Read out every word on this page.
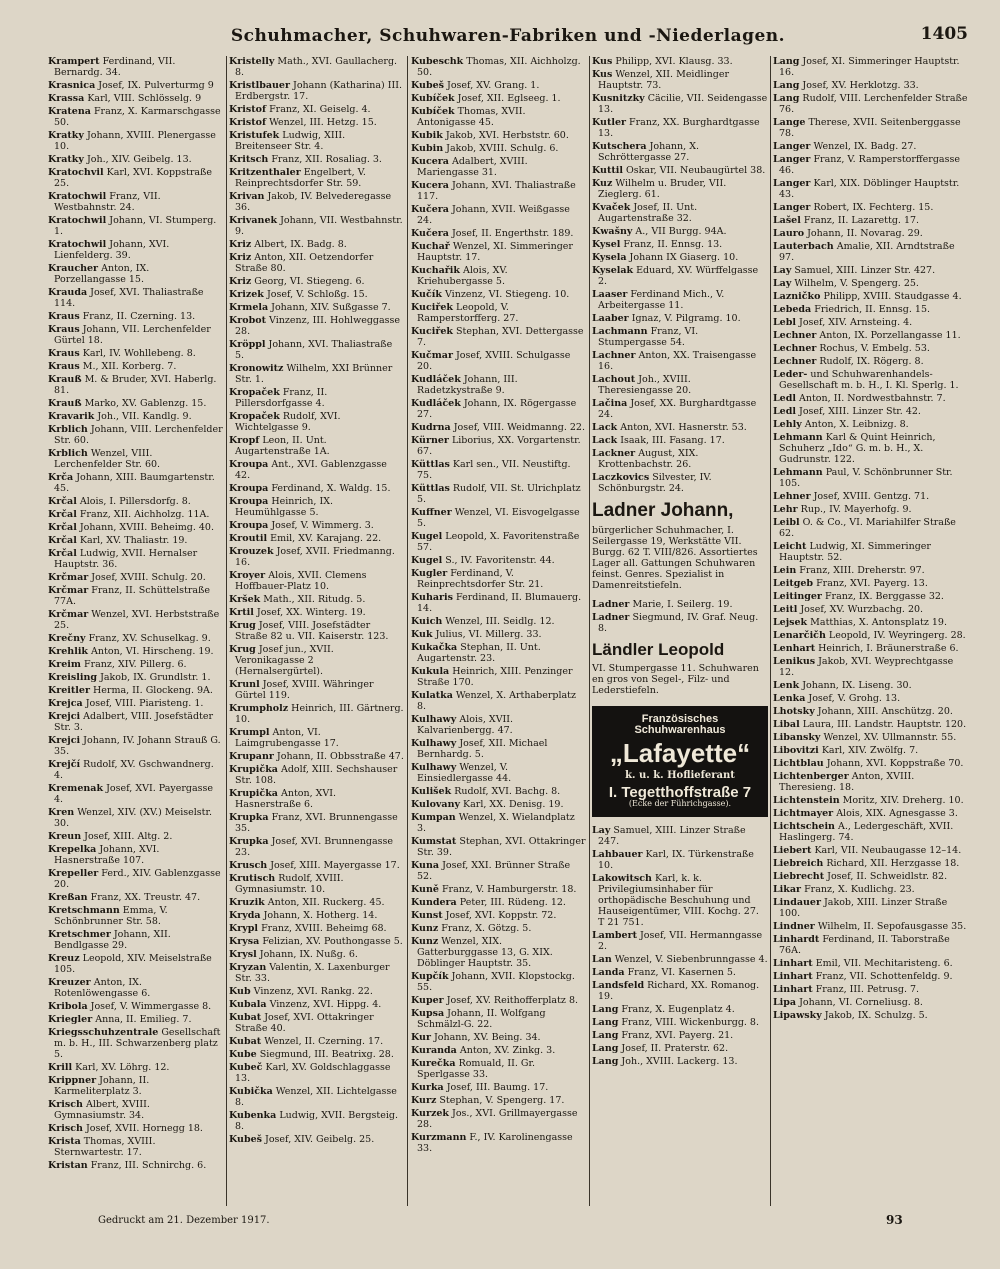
Schuhmacher, Schuhwaren-Fabriken und -Niederlagen.	1405
Krampert Ferdinand, VII. Bernardg. 34.
Krasnica Josef, IX. Pulverturmg 9
Krassa Karl, VIII. Schlösselg. 9
Kratena Franz, X. Karmarschgasse 50.
Kratky Johann, XVIII. Plenergasse 10.
Kratky Joh., XIV. Geibelg. 13.
Kratochvil Karl, XVI. Koppstraße 25.
Kratochwil Franz, VII. Westbahnstr. 24.
Kratochwil Johann, VI. Stumperg. 1.
Kratochwil Johann, XVI. Lienfelderg. 39.
Kraucher Anton, IX. Porzellangasse 15.
Krauda Josef, XVI. Thaliastraße 114.
Kraus Franz, II. Czerning. 13.
Kraus Johann, VII. Lerchenfelder Gürtel 18.
Kraus Karl, IV. Wohllebeng. 8.
Kraus M., XII. Korberg. 7.
Krauß M. & Bruder, XVI. Haberlg. 81.
Krauß Marko, XV. Gablenzg. 15.
Kravarik Joh., VII. Kandlg. 9.
Krblich Johann, VIII. Lerchenfelder Str. 60.
Krblich Wenzel, VIII. Lerchenfelder Str. 60.
Krča Johann, XIII. Baumgartenstr. 45.
Krčal Alois, I. Pillersdorfg. 8.
Krčal Franz, XII. Aichholzg. 11A.
Krčal Johann, XVIII. Beheimg. 40.
Krčal Karl, XV. Thaliastr. 19.
Krčal Ludwig, XVII. Hernalser Hauptstr. 36.
Krčmar Josef, XVIII. Schulg. 20.
Krčmar Franz, II. Schüttelstraße 77A.
Krčmar Wenzel, XVI. Herbststraße 25.
Krečny Franz, XV. Schuselkag. 9.
Krehlik Anton, VI. Hirscheng. 19.
Kreim Franz, XIV. Pillerg. 6.
Kreisling Jakob, IX. Grundlstr. 1.
Kreitler Herma, II. Glockeng. 9A.
Krejca Josef, VIII. Piaristeng. 1.
Krejci Adalbert, VIII. Josefstädter Str. 3.
Krejci Johann, IV. Johann Strauß G. 35.
Krejčí Rudolf, XV. Gschwandnerg. 4.
Kremenak Josef, XVI. Payergasse 4.
Kren Wenzel, XIV. (XV.) Meiselstr. 30.
Kreun Josef, XIII. Altg. 2.
Krepelka Johann, XVI. Hasnerstraße 107.
Krepeller Ferd., XIV. Gablenzgasse 20.
Kreßan Franz, XX. Treustr. 47.
Kretschmann Emma, V. Schönbrunner Str. 58.
Kretschmer Johann, XII. Bendlgasse 29.
Kreuz Leopold, XIV. Meiselstraße 105.
Kreuzer Anton, IX. Rotenlöwengasse 6.
Kribola Josef, V. Wimmergasse 8.
Kriegler Anna, II. Emilieg. 7.
Kriegsschuhzentrale Gesellschaft m. b. H., III. Schwarzenberg platz 5.
Krill Karl, XV. Löhrg. 12.
Krippner Johann, II. Karmeliterplatz 3.
Krisch Albert, XVIII. Gymnasiumstr. 34.
Krisch Josef, XVII. Hornegg 18.
Krista Thomas, XVIII. Sternwartestr. 17.
Kristan Franz, III. Schnirchg. 6.
Kristelly Math., XVI. Gaullacherg. 8.
Kristlbauer Johann (Katharina) III. Erdbergstr. 17.
Kristof Franz, XI. Geiselg. 4.
Kristof Wenzel, III. Hetzg. 15.
Kristufek Ludwig, XIII. Breitenseer Str. 4.
Kritsch Franz, XII. Rosaliag. 3.
Kritzenthaler Engelbert, V. Reinprechtsdorfer Str. 59.
Krivan Jakob, IV. Belvederegasse 36.
Krivanek Johann, VII. Westbahnstr. 9.
Kriz Albert, IX. Badg. 8.
Kriz Anton, XII. Oetzendorfer Straße 80.
Kriz Georg, VI. Stiegeng. 6.
Krizek Josef, V. Schloßg. 15.
Krmela Johann, XIV. Sußgasse 7.
Krobot Vinzenz, III. Hohlweggasse 28.
Kröppl Johann, XVI. Thaliastraße 5.
Kronowitz Wilhelm, XXI Brünner Str. 1.
Kropaček Franz, II. Pillersdorfgasse 4.
Kropaček Rudolf, XVI. Wichtelgasse 9.
Kropf Leon, II. Unt. Augartenstraße 1A.
Kroupa Ant., XVI. Gablenzgasse 42.
Kroupa Ferdinand, X. Waldg. 15.
Kroupa Heinrich, IX. Heumühlgasse 5.
Kroupa Josef, V. Wimmerg. 3.
Kroutil Emil, XV. Karajang. 22.
Krouzek Josef, XVII. Friedmanng. 16.
Kroyer Alois, XVII. Clemens Hoffbauer-Platz 10.
Kršek Math., XII. Ritudg. 5.
Krtil Josef, XX. Winterg. 19.
Krug Josef, VIII. Josefstädter Straße 82 u. VII. Kaiserstr. 123.
Krug Josef jun., XVII. Veronikagasse 2 (Hernalsergürtel).
Krunl Josef, XVIII. Währinger Gürtel 119.
Krumpholz Heinrich, III. Gärtnerg. 10.
Krumpl Anton, VI. Laimgrubengasse 17.
Krupanr Johann, II. Obbsstraße 47.
Krupička Adolf, XIII. Sechshauser Str. 108.
Krupička Anton, XVI. Hasnerstraße 6.
Krupka Franz, XVI. Brunnengasse 35.
Krupka Josef, XVI. Brunnengasse 23.
Krusch Josef, XIII. Mayergasse 17.
Krutisch Rudolf, XVIII. Gymnasiumstr. 10.
Kruzik Anton, XII. Ruckerg. 45.
Kryda Johann, X. Hotherg. 14.
Krypl Franz, XVIII. Beheimg 68.
Krysa Felizian, XV. Pouthongasse 5.
Krysl Johann, IX. Nußg. 6.
Kryzan Valentin, X. Laxenburger Str. 33.
Kub Vinzenz, XVI. Rankg. 22.
Kubala Vinzenz, XVI. Hippg. 4.
Kubat Josef, XVI. Ottakringer Straße 40.
Kubat Wenzel, II. Czerning. 17.
Kube Siegmund, III. Beatrixg. 28.
Kubeč Karl, XV. Goldschlaggasse 13.
Kubička Wenzel, XII. Lichtelgasse 8.
Kubenka Ludwig, XVII. Bergsteig. 8.
Kubeš Josef, XIV. Geibelg. 25.
Kubeschk Thomas, XII. Aichholzg. 50.
Kubeš Josef, XV. Grang. 1.
Kubíček Josef, XII. Eglseeg. 1.
Kubíček Thomas, XVII. Antonigasse 45.
Kubik Jakob, XVI. Herbststr. 60.
Kubin Jakob, XVIII. Schulg. 6.
Kucera Adalbert, XVIII. Mariengasse 31.
Kucera Johann, XVI. Thaliastraße 117.
Kučera Johann, XVII. Weißgasse 24.
Kučera Josef, II. Engerthstr. 189.
Kuchař Wenzel, XI. Simmeringer Hauptstr. 17.
Kuchařik Alois, XV. Kriehubergasse 5.
Kučík Vinzenz, VI. Stiegeng. 10.
Kuciřek Leopold, V. Ramperstorfferg. 27.
Kuciřek Stephan, XVI. Dettergasse 7.
Kučmar Josef, XVIII. Schulgasse 20.
Kudláček Johann, III. Radetzkystraße 9.
Kudláček Johann, IX. Rögergasse 27.
Kudrna Josef, VIII. Weidmanng. 22.
Kürner Liborius, XX. Vorgartenstr. 67.
Küttlas Karl sen., VII. Neustiftg. 75.
Küttlas Rudolf, VII. St. Ulrichplatz 5.
Kuffner Wenzel, VI. Eisvogelgasse 5.
Kugel Leopold, X. Favoritenstraße 57.
Kugel S., IV. Favoritenstr. 44.
Kugler Ferdinand, V. Reinprechtsdorfer Str. 21.
Kuharis Ferdinand, II. Blumauerg. 14.
Kuich Wenzel, III. Seidlg. 12.
Kuk Julius, VI. Millerg. 33.
Kukačka Stephan, II. Unt. Augartenstr. 23.
Kukula Heinrich, XIII. Penzinger Straße 170.
Kulatka Wenzel, X. Arthaberplatz 8.
Kulhawy Alois, XVII. Kalvarienbergg. 47.
Kulhawy Josef, XII. Michael Bernhardg. 5.
Kulhawy Wenzel, V. Einsiedlergasse 44.
Kulišek Rudolf, XVI. Bachg. 8.
Kulovany Karl, XX. Denisg. 19.
Kumpan Wenzel, X. Wielandplatz 3.
Kumstat Stephan, XVI. Ottakringer Str. 39.
Kuna Josef, XXI. Brünner Straße 52.
Kuně Franz, V. Hamburgerstr. 18.
Kundera Peter, III. Rüdeng. 12.
Kunst Josef, XVI. Koppstr. 72.
Kunz Franz, X. Götzg. 5.
Kunz Wenzel, XIX. Gatterburggasse 13, G. XIX. Döblinger Hauptstr. 35.
Kupčík Johann, XVII. Klopstockg. 55.
Kuper Josef, XV. Reithofferplatz 8.
Kupsa Johann, II. Wolfgang Schmälzl-G. 22.
Kur Johann, XV. Being. 34.
Kuranda Anton, XV. Zinkg. 3.
Kurečka Romuald, II. Gr. Sperlgasse 33.
Kurka Josef, III. Baumg. 17.
Kurz Stephan, V. Spengerg. 17.
Kurzek Jos., XVI. Grillmayergasse 28.
Kurzmann F., IV. Karolinengasse 33.
Kus Philipp, XVI. Klausg. 33.
Kus Wenzel, XII. Meidlinger Hauptstr. 73.
Kusnitzky Cäcilie, VII. Seidengasse 13.
Kutler Franz, XX. Burghardtgasse 13.
Kutschera Johann, X. Schröttergasse 27.
Kuttil Oskar, VII. Neubaugürtel 38.
Kuz Wilhelm u. Bruder, VII. Zieglerg. 61.
Kvaček Josef, II. Unt. Augartenstraße 32.
Kwašny A., VII Burgg. 94A.
Kysel Franz, II. Ennsg. 13.
Kysela Johann IX Giaserg. 10.
Kyselak Eduard, XV. Würffelgasse 2.
Laaser Ferdinand Mich., V. Arbeitergasse 11.
Laaber Ignaz, V. Pilgramg. 10.
Lachmann Franz, VI. Stumpergasse 54.
Lachner Anton, XX. Traisengasse 16.
Lachout Joh., XVIII. Theresiengasse 20.
Lačina Josef, XX. Burghardtgasse 24.
Lack Anton, XVI. Hasnerstr. 53.
Lack Isaak, III. Fasang. 17.
Lackner August, XIX. Krottenbachstr. 26.
Laczkovics Silvester, IV. Schönburgstr. 24.
Ladner Johann,
bürgerlicher Schuhmacher, I. Seilergasse 19, Werkstätte VII. Burgg. 62 T. VIII/826. Assortiertes Lager all. Gattungen Schuhwaren feinst. Genres. Spezialist in Damenreitstiefeln.
Ladner Marie, I. Seilerg. 19.
Ladner Siegmund, IV. Graf. Neug. 8.
Ländler Leopold
VI. Stumpergasse 11. Schuhwaren en gros von Segel-, Filz- und Lederstiefeln.
Französisches Schuhwarenhaus
„Lafayette“
k. u. k. Hoflieferant
I. Tegetthoffstraße 7
(Ecke der Führichgasse).
Lay Samuel, XIII. Linzer Straße 247.
Lahbauer Karl, IX. Türkenstraße 10.
Lakowitsch Karl, k. k. Privilegiumsinhaber für orthopädische Beschuhung und Hauseigentümer, VIII. Kochg. 27. T 21 751.
Lambert Josef, VII. Hermanngasse 2.
Lan Wenzel, V. Siebenbrunngasse 4.
Landa Franz, VI. Kasernen 5.
Landsfeld Richard, XX. Romanog. 19.
Lang Franz, X. Eugenplatz 4.
Lang Franz, VIII. Wickenburgg. 8.
Lang Franz, XVI. Payerg. 21.
Lang Josef, II. Praterstr. 62.
Lang Joh., XVIII. Lackerg. 13.
Lang Josef, XI. Simmeringer Hauptstr. 16.
Lang Josef, XV. Herklotzg. 33.
Lang Rudolf, VIII. Lerchenfelder Straße 76.
Lange Therese, XVII. Seitenberggasse 78.
Langer Wenzel, IX. Badg. 27.
Langer Franz, V. Ramperstorffergasse 46.
Langer Karl, XIX. Döblinger Hauptstr. 43.
Langer Robert, IX. Fechterg. 15.
Lašel Franz, II. Lazarettg. 17.
Lauro Johann, II. Novarag. 29.
Lauterbach Amalie, XII. Arndtstraße 97.
Lay Samuel, XIII. Linzer Str. 427.
Lay Wilhelm, V. Spengerg. 25.
Lazničko Philipp, XVIII. Staudgasse 4.
Lebeda Friedrich, II. Ennsg. 15.
Lebl Josef, XIV. Arnsteing. 4.
Lechner Anton, IX. Porzellangasse 11.
Lechner Rochus, V. Embelg. 53.
Lechner Rudolf, IX. Rögerg. 8.
Leder- und Schuhwarenhandels-Gesellschaft m. b. H., I. Kl. Sperlg. 1.
Ledl Anton, II. Nordwestbahnstr. 7.
Ledl Josef, XIII. Linzer Str. 42.
Lehly Anton, X. Leibnizg. 8.
Lehmann Karl & Quint Heinrich, Schuherz „Ido“ G. m. b. H., X. Gudrunstr. 122.
Lehmann Paul, V. Schönbrunner Str. 105.
Lehner Josef, XVIII. Gentzg. 71.
Lehr Rup., IV. Mayerhofg. 9.
Leibl O. & Co., VI. Mariahilfer Straße 62.
Leicht Ludwig, XI. Simmeringer Hauptstr. 52.
Lein Franz, XIII. Dreherstr. 97.
Leitgeb Franz, XVI. Payerg. 13.
Leitinger Franz, IX. Berggasse 32.
Leitl Josef, XV. Wurzbachg. 20.
Lejsek Matthias, X. Antonsplatz 19.
Lenarčičh Leopold, IV. Weyringerg. 28.
Lenhart Heinrich, I. Bräunerstraße 6.
Lenikus Jakob, XVI. Weyprechtgasse 12.
Lenk Johann, IX. Liseng. 30.
Lenka Josef, V. Grohg. 13.
Lhotsky Johann, XIII. Anschützg. 20.
Libal Laura, III. Landstr. Hauptstr. 120.
Libansky Wenzel, XV. Ullmannstr. 55.
Libovitzi Karl, XIV. Zwölfg. 7.
Lichtblau Johann, XVI. Koppstraße 70.
Lichtenberger Anton, XVIII. Theresieng. 18.
Lichtenstein Moritz, XIV. Dreherg. 10.
Lichtmayer Alois, XIX. Agnesgasse 3.
Lichtschein A., Ledergeschäft, XVII. Haslingerg. 74.
Liebert Karl, VII. Neubaugasse 12–14.
Liebreich Richard, XII. Herzgasse 18.
Liebrecht Josef, II. Schweidlstr. 82.
Likar Franz, X. Kudlichg. 23.
Lindauer Jakob, XIII. Linzer Straße 100.
Lindner Wilhelm, II. Sepofausgasse 35.
Linhardt Ferdinand, II. Taborstraße 76A.
Linhart Emil, VII. Mechitaristeng. 6.
Linhart Franz, VII. Schottenfeldg. 9.
Linhart Franz, III. Petrusg. 7.
Lipa Johann, VI. Corneliusg. 8.
Lipawsky Jakob, IX. Schulzg. 5.
Gedruckt am 21. Dezember 1917.	93
